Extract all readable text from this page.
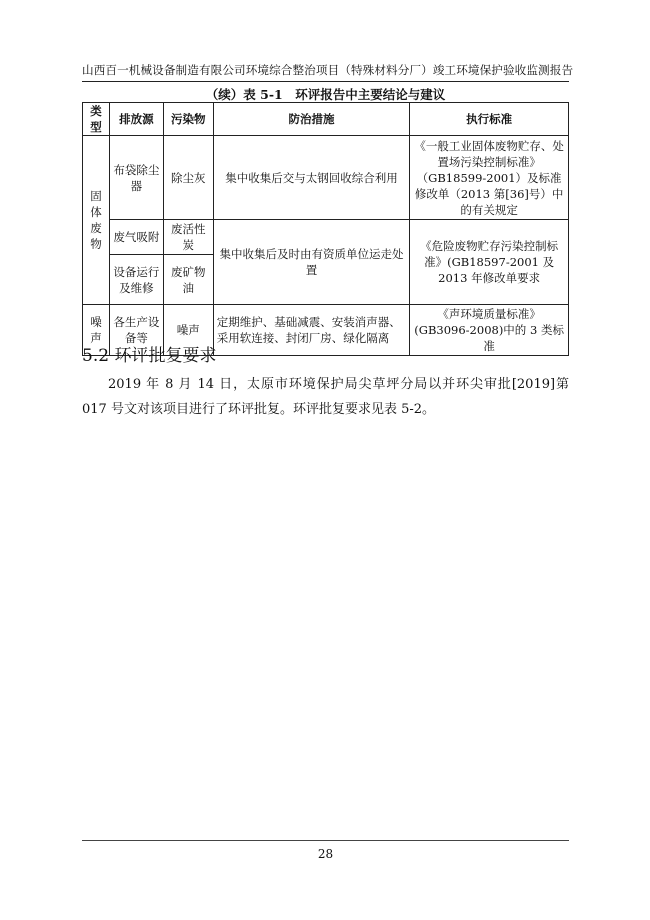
山西百一机械设备制造有限公司环境综合整治项目（特殊材料分厂）竣工环境保护验收监测报告
（续）表 5-1　环评报告中主要结论与建议
类型	排放源	污染物	防治措施	执行标准
固体废物	布袋除尘器	除尘灰	集中收集后交与太钢回收综合利用	《一般工业固体废物贮存、处置场污染控制标准》（GB18599-2001）及标准修改单（2013 第[36]号）中的有关规定
	废气吸附	废活性炭	集中收集后及时由有资质单位运走处置	《危险废物贮存污染控制标准》(GB18597-2001 及 2013 年修改单要求
	设备运行及维修	废矿物油		
噪声	各生产设备等	噪声	定期维护、基础减震、安装消声器、采用软连接、封闭厂房、绿化隔离	《声环境质量标准》(GB3096-2008)中的 3 类标准
5.2 环评批复要求

2019 年 8 月 14 日，太原市环境保护局尖草坪分局以并环尖审批[2019]第 017 号文对该项目进行了环评批复。环评批复要求见表 5-2。

28
